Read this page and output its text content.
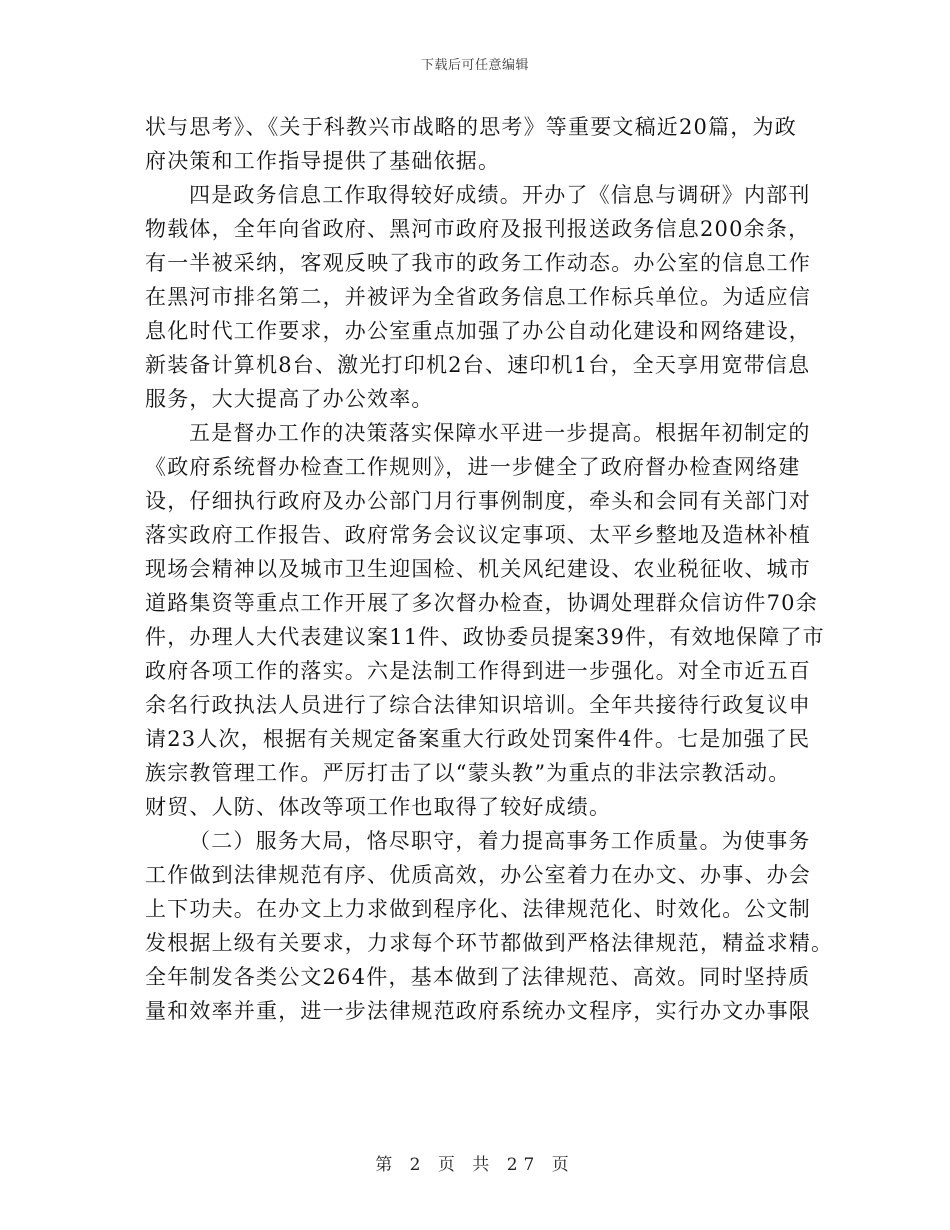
下载后可任意编辑
状与思考》、《关于科教兴市战略的思考》等重要文稿近20篇，为政
府决策和工作指导提供了基础依据。
四是政务信息工作取得较好成绩。开办了《信息与调研》内部刊
物载体，全年向省政府、黑河市政府及报刊报送政务信息200余条，
有一半被采纳，客观反映了我市的政务工作动态。办公室的信息工作
在黑河市排名第二，并被评为全省政务信息工作标兵单位。为适应信
息化时代工作要求，办公室重点加强了办公自动化建设和网络建设，
新装备计算机8台、激光打印机2台、速印机1台，全天享用宽带信息
服务，大大提高了办公效率。
五是督办工作的决策落实保障水平进一步提高。根据年初制定的
《政府系统督办检查工作规则》，进一步健全了政府督办检查网络建
设，仔细执行政府及办公部门月行事例制度，牵头和会同有关部门对
落实政府工作报告、政府常务会议议定事项、太平乡整地及造林补植
现场会精神以及城市卫生迎国检、机关风纪建设、农业税征收、城市
道路集资等重点工作开展了多次督办检查，协调处理群众信访件70余
件，办理人大代表建议案11件、政协委员提案39件，有效地保障了市
政府各项工作的落实。六是法制工作得到进一步强化。对全市近五百
余名行政执法人员进行了综合法律知识培训。全年共接待行政复议申
请23人次，根据有关规定备案重大行政处罚案件4件。七是加强了民
族宗教管理工作。严厉打击了以“蒙头教”为重点的非法宗教活动。
财贸、人防、体改等项工作也取得了较好成绩。
（二）服务大局，恪尽职守，着力提高事务工作质量。为使事务
工作做到法律规范有序、优质高效，办公室着力在办文、办事、办会
上下功夫。在办文上力求做到程序化、法律规范化、时效化。公文制
发根据上级有关要求，力求每个环节都做到严格法律规范，精益求精。
全年制发各类公文264件，基本做到了法律规范、高效。同时坚持质
量和效率并重，进一步法律规范政府系统办文程序，实行办文办事限
第 2 页 共 27 页
